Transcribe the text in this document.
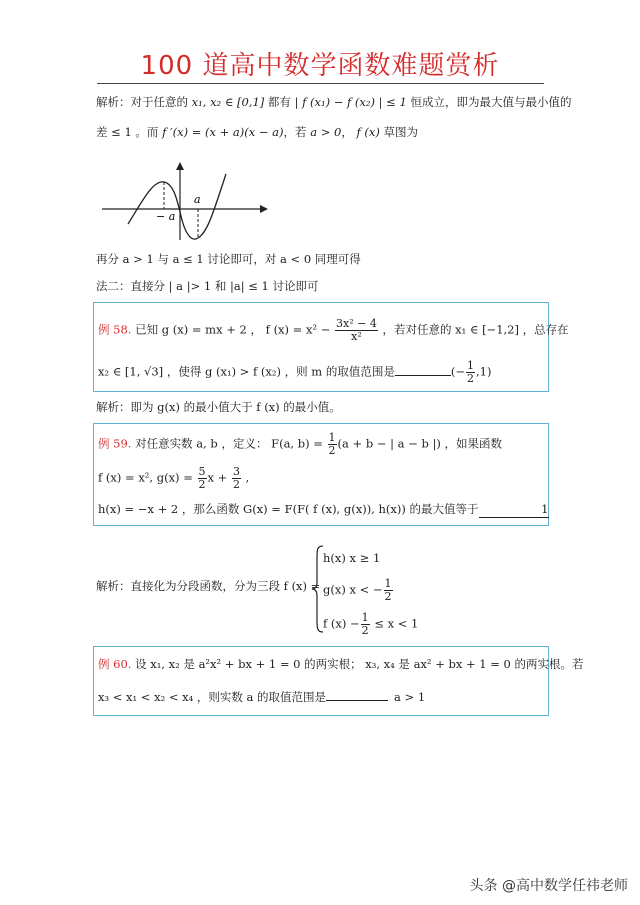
100 道高中数学函数难题赏析
解析：对于任意的 x₁, x₂ ∈ [0,1] 都有 | f (x₁) − f (x₂) | ≤ 1 恒成立，即为最大值与最小值的
差 ≤ 1 。而 f ′(x) = (x + a)(x − a)，若 a > 0， f (x) 草图为
− a
a
再分 a > 1 与 a ≤ 1 讨论即可，对 a < 0 同理可得
法二：直接分 | a |> 1 和 |a| ≤ 1 讨论即可
例 58. 已知 g (x) = mx + 2 ， f $(x) = x^2 - \frac{\text{3x² − 4}}{\text{x²}}$ ，若对任意的 x₁ ∈ [−1,2] ，总存在
x₂ ∈ [1, √3] ，使得 g (x₁) > f (x₂) ，则 m 的取值范围是	(− $\frac{1}{2} ,1$)
解析：即为 g(x) 的最小值大于 f (x) 的最小值。
例 59. 对任意实数 a, b ，定义： F(a, $b) = \frac{1}{2} (a + b$ − | a − b |) ，如果函数
f (x) = x², $g(x) = \frac{5}{2}$ $x + \frac{3}{2}$ ,
h(x) = −x + 2 ，那么函数 G(x) = F(F( f (x), g(x)), h(x)) 的最大值等于	1
解析：直接化为分段函数，分为三段 f (x) =
h(x) x ≥ 1
g(x) x < − $\frac{1}{2}$
f $(x) - \frac{1}{2} \le x < 1$
例 60. 设 x₁, x₂ 是 a²x² + bx + 1 = 0 的两实根； x₃, x₄ 是 ax² + bx + 1 = 0 的两实根。若
x₃ < x₁ < x₂ < x₄ ，则实数 a 的取值范围是	a > 1
头条 @高中数学任祎老师
